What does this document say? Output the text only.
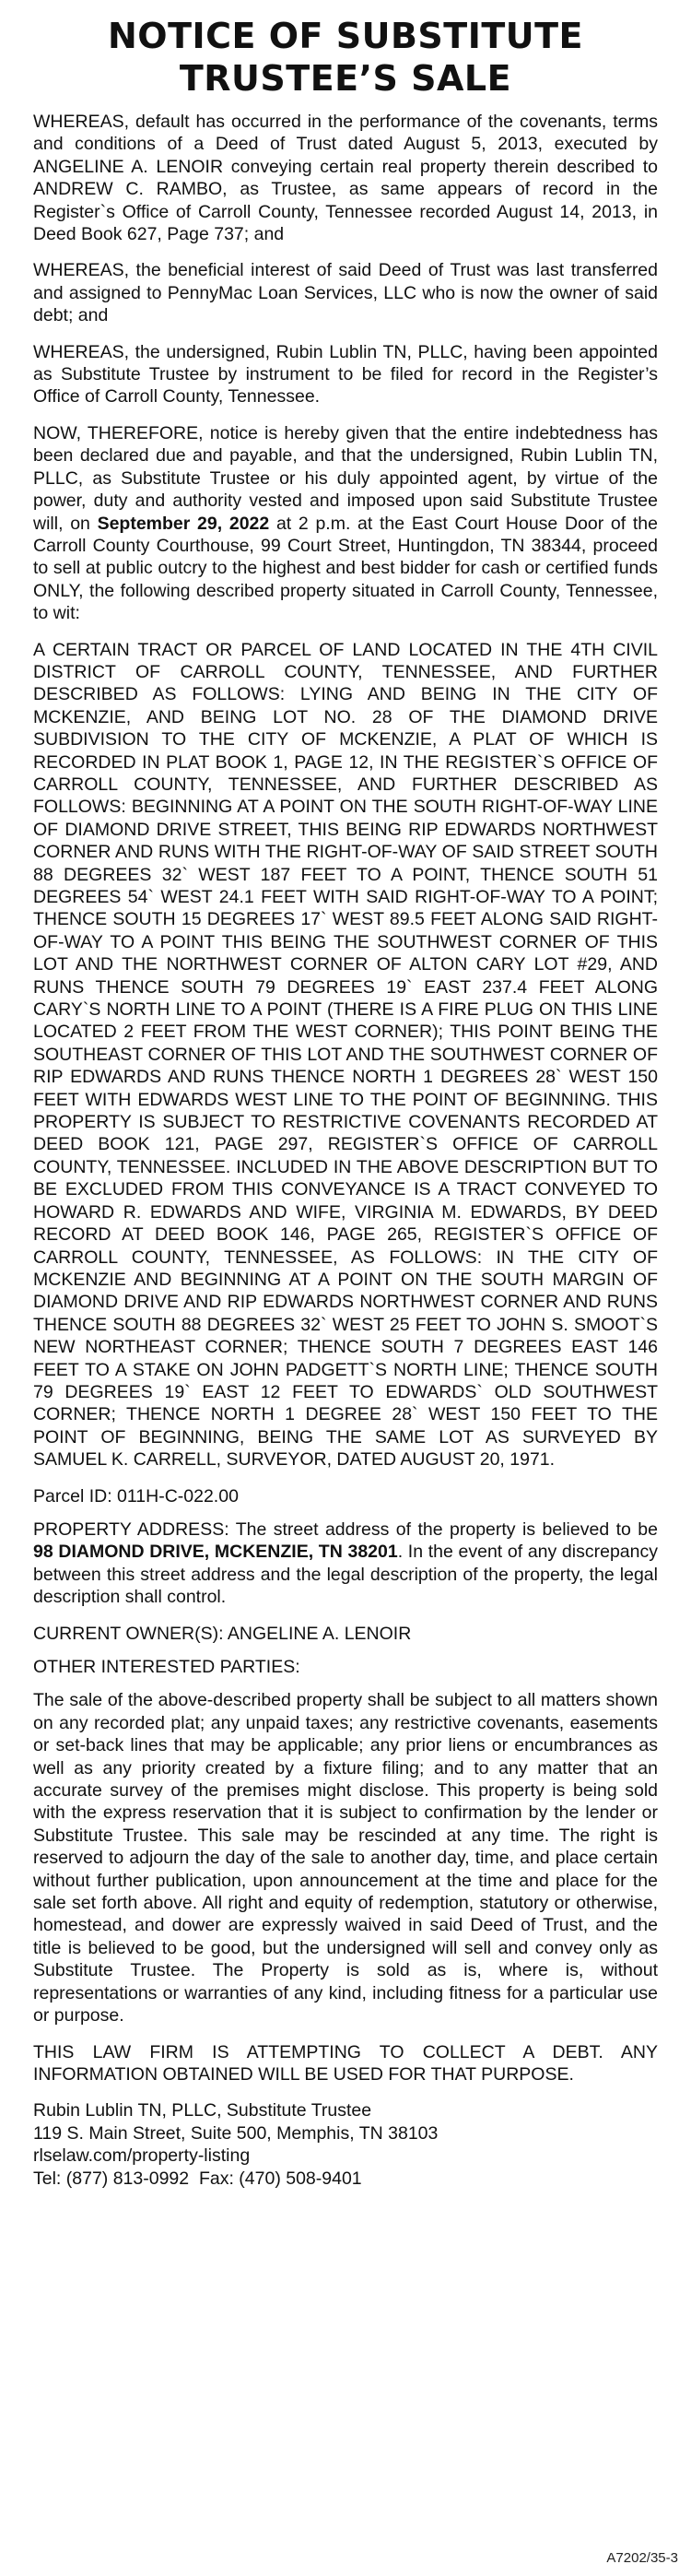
NOTICE OF SUBSTITUTE
TRUSTEE’S SALE

WHEREAS, default has occurred in the performance of the covenants, terms and conditions of a Deed of Trust dated August 5, 2013, executed by ANGELINE A. LENOIR conveying certain real property therein described to ANDREW C. RAMBO, as Trustee, as same appears of record in the Register`s Office of Carroll County, Tennessee recorded August 14, 2013, in Deed Book 627, Page 737; and

WHEREAS, the beneficial interest of said Deed of Trust was last transferred and assigned to PennyMac Loan Services, LLC who is now the owner of said debt; and

WHEREAS, the undersigned, Rubin Lublin TN, PLLC, having been appointed as Substitute Trustee by instrument to be filed for record in the Register’s Office of Carroll County, Tennessee.

NOW, THEREFORE, notice is hereby given that the entire indebtedness has been declared due and payable, and that the undersigned, Rubin Lublin TN, PLLC, as Substitute Trustee or his duly appointed agent, by virtue of the power, duty and authority vested and imposed upon said Substitute Trustee will, on September 29, 2022 at 2 p.m. at the East Court House Door of the Carroll County Courthouse, 99 Court Street, Huntingdon, TN 38344, proceed to sell at public outcry to the highest and best bidder for cash or certified funds ONLY, the following described property situated in Carroll County, Tennessee, to wit:

A CERTAIN TRACT OR PARCEL OF LAND LOCATED IN THE 4TH CIVIL DISTRICT OF CARROLL COUNTY, TENNESSEE, AND FURTHER DESCRIBED AS FOLLOWS: LYING AND BEING IN THE CITY OF MCKENZIE, AND BEING LOT NO. 28 OF THE DIAMOND DRIVE SUBDIVISION TO THE CITY OF MCKENZIE, A PLAT OF WHICH IS RECORDED IN PLAT BOOK 1, PAGE 12, IN THE REGISTER`S OFFICE OF CARROLL COUNTY, TENNESSEE, AND FURTHER DESCRIBED AS FOLLOWS: BEGINNING AT A POINT ON THE SOUTH RIGHT-OF-WAY LINE OF DIAMOND DRIVE STREET, THIS BEING RIP EDWARDS NORTHWEST CORNER AND RUNS WITH THE RIGHT-OF-WAY OF SAID STREET SOUTH 88 DEGREES 32` WEST 187 FEET TO A POINT, THENCE SOUTH 51 DEGREES 54` WEST 24.1 FEET WITH SAID RIGHT-OF-WAY TO A POINT; THENCE SOUTH 15 DEGREES 17` WEST 89.5 FEET ALONG SAID RIGHT-OF-WAY TO A POINT THIS BEING THE SOUTHWEST CORNER OF THIS LOT AND THE NORTHWEST CORNER OF ALTON CARY LOT #29, AND RUNS THENCE SOUTH 79 DEGREES 19` EAST 237.4 FEET ALONG CARY`S NORTH LINE TO A POINT (THERE IS A FIRE PLUG ON THIS LINE LOCATED 2 FEET FROM THE WEST CORNER); THIS POINT BEING THE SOUTHEAST CORNER OF THIS LOT AND THE SOUTHWEST CORNER OF RIP EDWARDS AND RUNS THENCE NORTH 1 DEGREES 28` WEST 150 FEET WITH EDWARDS WEST LINE TO THE POINT OF BEGINNING. THIS PROPERTY IS SUBJECT TO RESTRICTIVE COVENANTS RECORDED AT DEED BOOK 121, PAGE 297, REGISTER`S OFFICE OF CARROLL COUNTY, TENNESSEE. INCLUDED IN THE ABOVE DESCRIPTION BUT TO BE EXCLUDED FROM THIS CONVEYANCE IS A TRACT CONVEYED TO HOWARD R. EDWARDS AND WIFE, VIRGINIA M. EDWARDS, BY DEED RECORD AT DEED BOOK 146, PAGE 265, REGISTER`S OFFICE OF CARROLL COUNTY, TENNESSEE, AS FOLLOWS: IN THE CITY OF MCKENZIE AND BEGINNING AT A POINT ON THE SOUTH MARGIN OF DIAMOND DRIVE AND RIP EDWARDS NORTHWEST CORNER AND RUNS THENCE SOUTH 88 DEGREES 32` WEST 25 FEET TO JOHN S. SMOOT`S NEW NORTHEAST CORNER; THENCE SOUTH 7 DEGREES EAST 146 FEET TO A STAKE ON JOHN PADGETT`S NORTH LINE; THENCE SOUTH 79 DEGREES 19` EAST 12 FEET TO EDWARDS` OLD SOUTHWEST CORNER; THENCE NORTH 1 DEGREE 28` WEST 150 FEET TO THE POINT OF BEGINNING, BEING THE SAME LOT AS SURVEYED BY SAMUEL K. CARRELL, SURVEYOR, DATED AUGUST 20, 1971.

Parcel ID: 011H-C-022.00

PROPERTY ADDRESS: The street address of the property is believed to be 98 DIAMOND DRIVE, MCKENZIE, TN 38201. In the event of any discrepancy between this street address and the legal description of the property, the legal description shall control.

CURRENT OWNER(S): ANGELINE A. LENOIR

OTHER INTERESTED PARTIES:

The sale of the above-described property shall be subject to all matters shown on any recorded plat; any unpaid taxes; any restrictive covenants, easements or set-back lines that may be applicable; any prior liens or encumbrances as well as any priority created by a fixture filing; and to any matter that an accurate survey of the premises might disclose. This property is being sold with the express reservation that it is subject to confirmation by the lender or Substitute Trustee. This sale may be rescinded at any time. The right is reserved to adjourn the day of the sale to another day, time, and place certain without further publication, upon announcement at the time and place for the sale set forth above. All right and equity of redemption, statutory or otherwise, homestead, and dower are expressly waived in said Deed of Trust, and the title is believed to be good, but the undersigned will sell and convey only as Substitute Trustee. The Property is sold as is, where is, without representations or warranties of any kind, including fitness for a particular use or purpose.

THIS LAW FIRM IS ATTEMPTING TO COLLECT A DEBT. ANY INFORMATION OBTAINED WILL BE USED FOR THAT PURPOSE.

Rubin Lublin TN, PLLC, Substitute Trustee

119 S. Main Street, Suite 500, Memphis, TN 38103

rlselaw.com/property-listing

Tel: (877) 813-0992  Fax: (470) 508-9401

A7202/35-3
